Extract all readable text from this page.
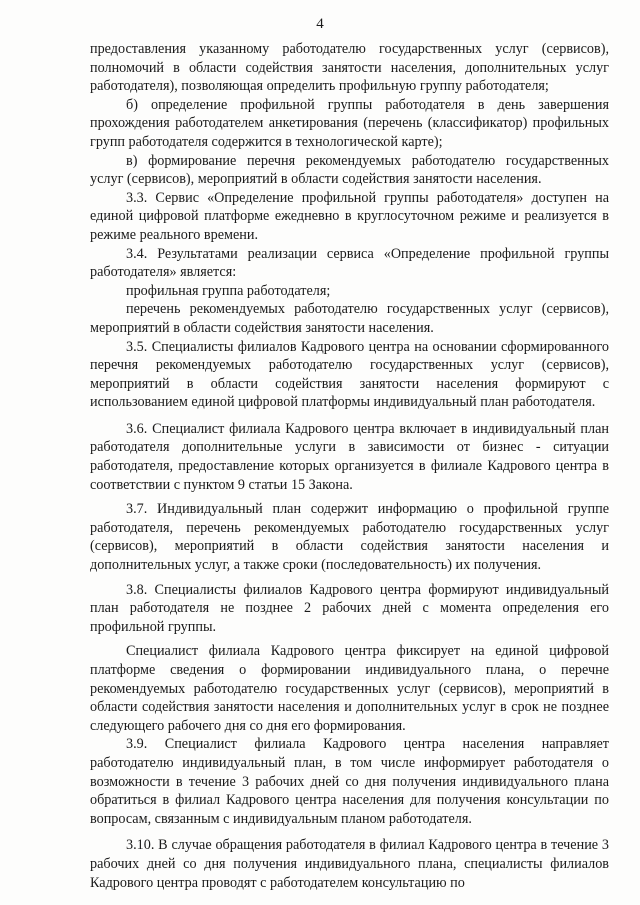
4

предоставления указанному работодателю государственных услуг (сервисов), полномочий в области содействия занятости населения, дополнительных услуг работодателя), позволяющая определить профильную группу работодателя;

б) определение профильной группы работодателя в день завершения прохождения работодателем анкетирования (перечень (классификатор) профильных групп работодателя содержится в технологической карте);

в) формирование перечня рекомендуемых работодателю государственных услуг (сервисов), мероприятий в области содействия занятости населения.

3.3. Сервис «Определение профильной группы работодателя» доступен на единой цифровой платформе ежедневно в круглосуточном режиме и реализуется в режиме реального времени.

3.4. Результатами реализации сервиса «Определение профильной группы работодателя» является:

профильная группа работодателя;

перечень рекомендуемых работодателю государственных услуг (сервисов), мероприятий в области содействия занятости населения.

3.5. Специалисты филиалов Кадрового центра на основании сформированного перечня рекомендуемых работодателю государственных услуг (сервисов), мероприятий в области содействия занятости населения формируют с использованием единой цифровой платформы индивидуальный план работодателя.

3.6. Специалист филиала Кадрового центра включает в индивидуальный план работодателя дополнительные услуги в зависимости от бизнес - ситуации работодателя, предоставление которых организуется в филиале Кадрового центра в соответствии с пунктом 9 статьи 15 Закона.

3.7. Индивидуальный план содержит информацию о профильной группе работодателя, перечень рекомендуемых работодателю государственных услуг (сервисов), мероприятий в области содействия занятости населения и дополнительных услуг, а также сроки (последовательность) их получения.

3.8. Специалисты филиалов Кадрового центра формируют индивидуальный план работодателя не позднее 2 рабочих дней с момента определения его профильной группы.

Специалист филиала Кадрового центра фиксирует на единой цифровой платформе сведения о формировании индивидуального плана, о перечне рекомендуемых работодателю государственных услуг (сервисов), мероприятий в области содействия занятости населения и дополнительных услуг в срок не позднее следующего рабочего дня со дня его формирования.

3.9. Специалист филиала Кадрового центра населения направляет работодателю индивидуальный план, в том числе информирует работодателя о возможности в течение 3 рабочих дней со дня получения индивидуального плана обратиться в филиал Кадрового центра населения для получения консультации по вопросам, связанным с индивидуальным планом работодателя.

3.10. В случае обращения работодателя в филиал Кадрового центра в течение 3 рабочих дней со дня получения индивидуального плана, специалисты филиалов Кадрового центра проводят с работодателем консультацию по
